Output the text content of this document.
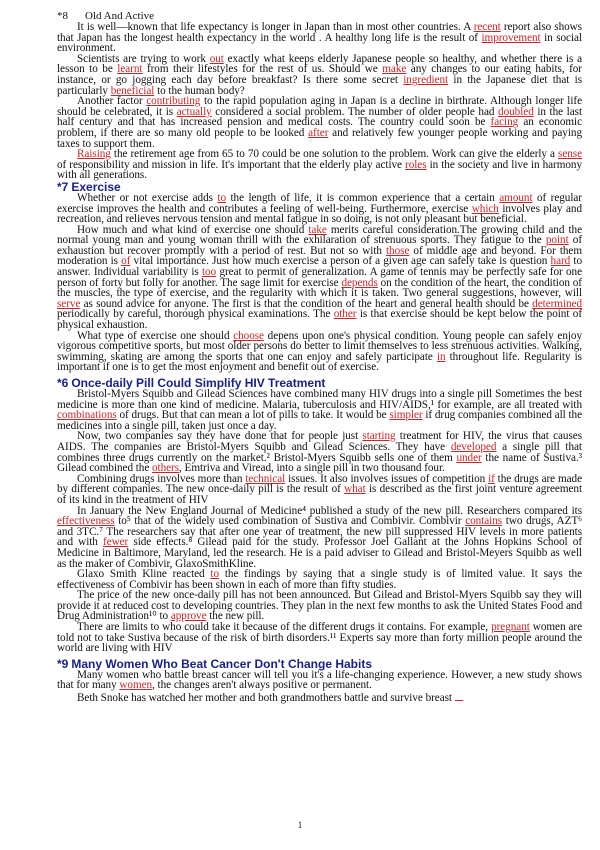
*8 Old And Active

It is well—known that life expectancy is longer in Japan than in most other countries. A recent report also shows that Japan has the longest health expectancy in the world . A healthy long life is the result of improvement in social environment.

Scientists are trying to work out exactly what keeps elderly Japanese people so healthy, and whether there is a lesson to be learnt from their lifestyles for the rest of us. Should we make any changes to our eating habits, for instance, or go jogging each day before breakfast? Is there some secret ingredient in the Japanese diet that is particularly beneficial to the human body?

Another factor contributing to the rapid population aging in Japan is a decline in birthrate. Although longer life should be celebrated, it is actually considered a social problem. The number of older people had doubled in the last half century and that has increased pension and medical costs. The country could soon be facing an economic problem, if there are so many old people to be looked after and relatively few younger people working and paying taxes to support them.

Raising the retirement age from 65 to 70 could be one solution to the problem. Work can give the elderly a sense of responsibility and mission in life. It's important that the elderly play active roles in the society and live in harmony with all generations.

*7 Exercise

Whether or not exercise adds to the length of life, it is common experience that a certain amount of regular exercise improves the health and contributes a feeling of well-being. Furthermore, exercise which involves play and recreation, and relieves nervous tension and mental fatigue in so doing, is not only pleasant but beneficial.

How much and what kind of exercise one should take merits careful consideration.The growing child and the normal young man and young woman thrill with the exhilaration of strenuous sports. They fatigue to the point of exhaustion but recover promptly with a period of rest. But not so with those of middle age and beyond. For them moderation is of vital importance. Just how much exercise a person of a given age can safely take is question hard to answer. Individual variability is too great to permit of generalization. A game of tennis may be perfectly safe for one person of forty but folly for another. The sage limit for exercise depends on the condition of the heart, the condition of the muscles, the type of exercise, and the regularity with which it is taken. Two general suggestions, however, will serve as sound advice for anyone. The first is that the condition of the heart and general health should be determined periodically by careful, thorough physical examinations. The other is that exercise should be kept below the point of physical exhaustion.

What type of exercise one should choose depens upon one's physical condition. Young people can safely enjoy vigorous competitive sports, but most older persons do better to limit themselves to less strenuous activities. Walking, swimming, skating are among the sports that one can enjoy and safely participate in throughout life. Regularity is important if one is to get the most enjoyment and benefit out of exercise.

*6 Once-daily Pill Could Simplify HIV Treatment

Bristol-Myers Squibb and Gilead Sciences have combined many HIV drugs into a single pill Sometimes the best medicine is more than one kind of medicine. Malaria, tuberculosis and HIV/AIDS,¹ for example, are all treated with combinations of drugs. But that can mean a lot of pills to take. It would be simpler if drug companies combined all the medicines into a single pill, taken just once a day.

Now, two companies say they have done that for people just starting treatment for HIV, the virus that causes AIDS. The companies are Bristol-Myers Squibb and Gilead Sciences. They have developed a single pill that combines three drugs currently on the market.² Bristol-Myers Squibb sells one of them under the name of Sustiva.³ Gilead combined the others, Emtriva and Viread, into a single pill in two thousand four.

Combining drugs involves more than technical issues. It also involves issues of competition if the drugs are made by different companies. The new once-daily pill is the result of what is described as the first joint venture agreement of its kind in the treatment of HIV

In January the New England Journal of Medicine⁴ published a study of the new pill. Researchers compared its effectiveness to⁵ that of the widely used combination of Sustiva and Combivir. Combivir contains two drugs, AZT⁶ and 3TC.⁷ The researchers say that after one year of treatment, the new pill suppressed HIV levels in more patients and with fewer side effects.⁸ Gilead paid for the study. Professor Joel Gallant at the Johns Hopkins School of Medicine in Baltimore, Maryland, led the research. He is a paid adviser to Gilead and Bristol-Meyers Squibb as well as the maker of Combivir, GlaxoSmithKline.

Glaxo Smith Kline reacted to the findings by saying that a single study is of limited value. It says the effectiveness of Combivir has been shown in each of more than fifty studies.

The price of the new once-daily pill has not been announced. But Gilead and Bristol-Myers Squibb say they will provide it at reduced cost to developing countries. They plan in the next few months to ask the United States Food and Drug Administration¹⁰ to approve the new pill.

There are limits to who could take it because of the different drugs it contains. For example, pregnant women are told not to take Sustiva because of the risk of birth disorders.¹¹ Experts say more than forty million people around the world are living with HIV

*9 Many Women Who Beat Cancer Don't Change Habits

Many women who battle breast cancer will tell you it's a life-changing experience. However, a new study shows that for many women, the changes aren't always positive or permanent.

Beth Snoke has watched her mother and both grandmothers battle and survive breast

1
